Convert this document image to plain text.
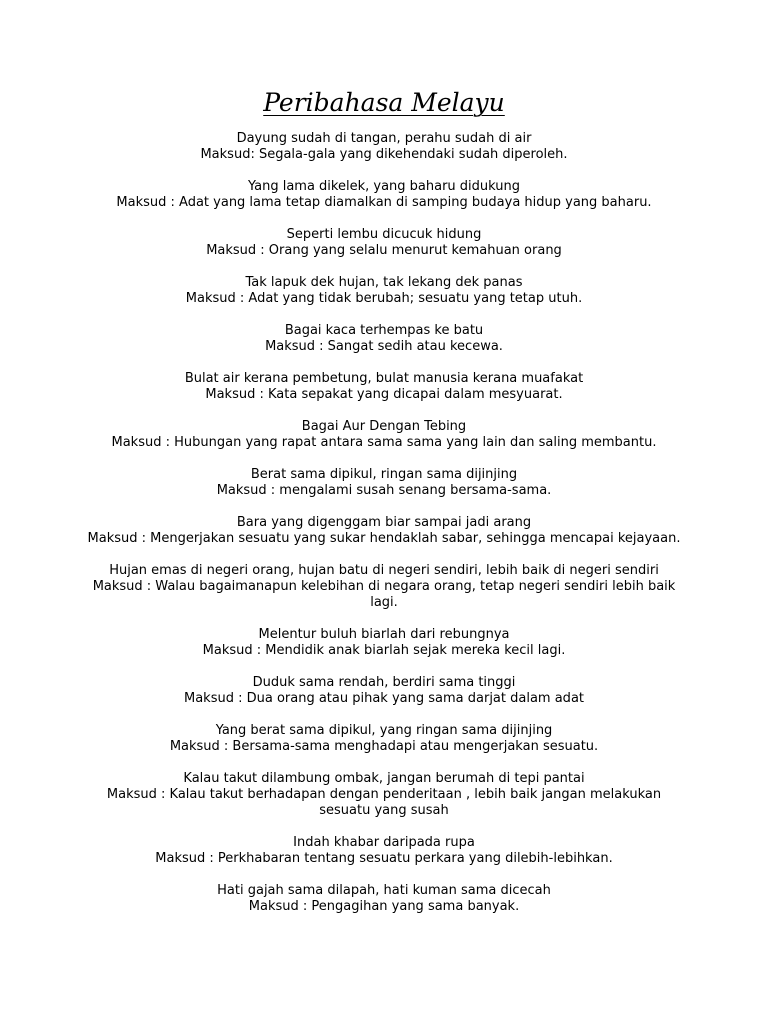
Peribahasa Melayu

Dayung sudah di tangan, perahu sudah di air

Maksud: Segala-gala yang dikehendaki sudah diperoleh.

Yang lama dikelek, yang baharu didukung

Maksud : Adat yang lama tetap diamalkan di samping budaya hidup yang baharu.

Seperti lembu dicucuk hidung

Maksud : Orang yang selalu menurut kemahuan orang

Tak lapuk dek hujan, tak lekang dek panas

Maksud : Adat yang tidak berubah; sesuatu yang tetap utuh.

Bagai kaca terhempas ke batu

Maksud : Sangat sedih atau kecewa.

Bulat air kerana pembetung, bulat manusia kerana muafakat

Maksud : Kata sepakat yang dicapai dalam mesyuarat.

Bagai Aur Dengan Tebing

Maksud : Hubungan yang rapat antara sama sama yang lain dan saling membantu.

Berat sama dipikul, ringan sama dijinjing

Maksud : mengalami susah senang bersama-sama.

Bara yang digenggam biar sampai jadi arang

Maksud : Mengerjakan sesuatu yang sukar hendaklah sabar, sehingga mencapai kejayaan.

Hujan emas di negeri orang, hujan batu di negeri sendiri, lebih baik di negeri sendiri

Maksud : Walau bagaimanapun kelebihan di negara orang, tetap negeri sendiri lebih baik lagi.

Melentur buluh biarlah dari rebungnya

Maksud : Mendidik anak biarlah sejak mereka kecil lagi.

Duduk sama rendah, berdiri sama tinggi

Maksud : Dua orang atau pihak yang sama darjat dalam adat

Yang berat sama dipikul, yang ringan sama dijinjing

Maksud : Bersama-sama menghadapi atau mengerjakan sesuatu.

Kalau takut dilambung ombak, jangan berumah di tepi pantai

Maksud : Kalau takut berhadapan dengan penderitaan , lebih baik jangan melakukan sesuatu yang susah

Indah khabar daripada rupa

Maksud : Perkhabaran tentang sesuatu perkara yang dilebih-lebihkan.

Hati gajah sama dilapah, hati kuman sama dicecah

Maksud : Pengagihan yang sama banyak.
